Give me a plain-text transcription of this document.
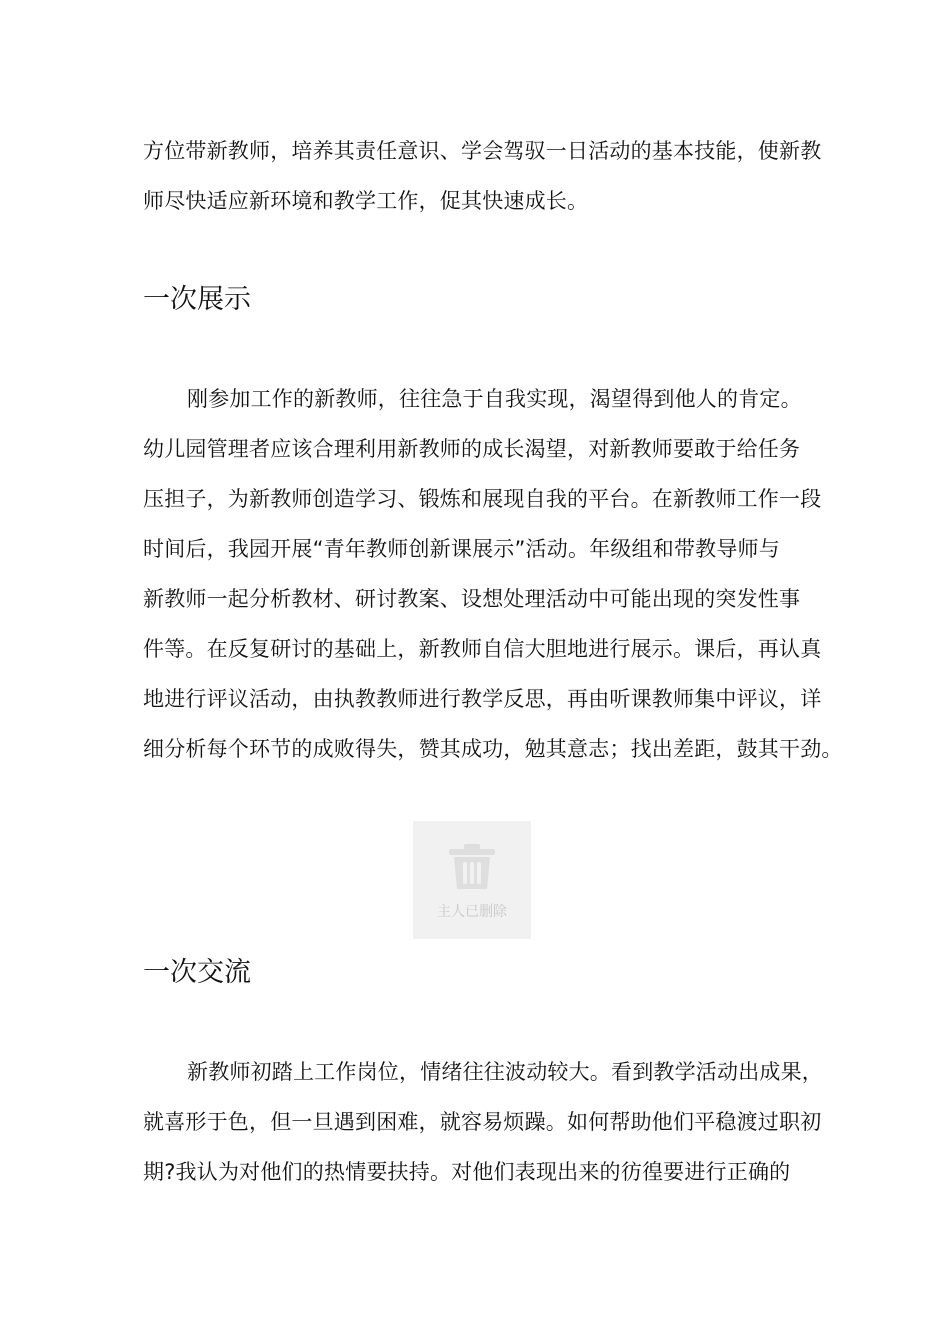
方位带新教师，培养其责任意识、学会驾驭一日活动的基本技能，使新教
师尽快适应新环境和教学工作，促其快速成长。
一次展示
刚参加工作的新教师，往往急于自我实现，渴望得到他人的肯定。
幼儿园管理者应该合理利用新教师的成长渴望，对新教师要敢于给任务
压担子，为新教师创造学习、锻炼和展现自我的平台。在新教师工作一段
时间后，我园开展“青年教师创新课展示”活动。年级组和带教导师与
新教师一起分析教材、研讨教案、设想处理活动中可能出现的突发性事
件等。在反复研讨的基础上，新教师自信大胆地进行展示。课后，再认真
地进行评议活动，由执教教师进行教学反思，再由听课教师集中评议，详
细分析每个环节的成败得失，赞其成功，勉其意志；找出差距，鼓其干劲。
主人已删除
一次交流
新教师初踏上工作岗位，情绪往往波动较大。看到教学活动出成果，
就喜形于色，但一旦遇到困难，就容易烦躁。如何帮助他们平稳渡过职初
期?我认为对他们的热情要扶持。对他们表现出来的彷徨要进行正确的
